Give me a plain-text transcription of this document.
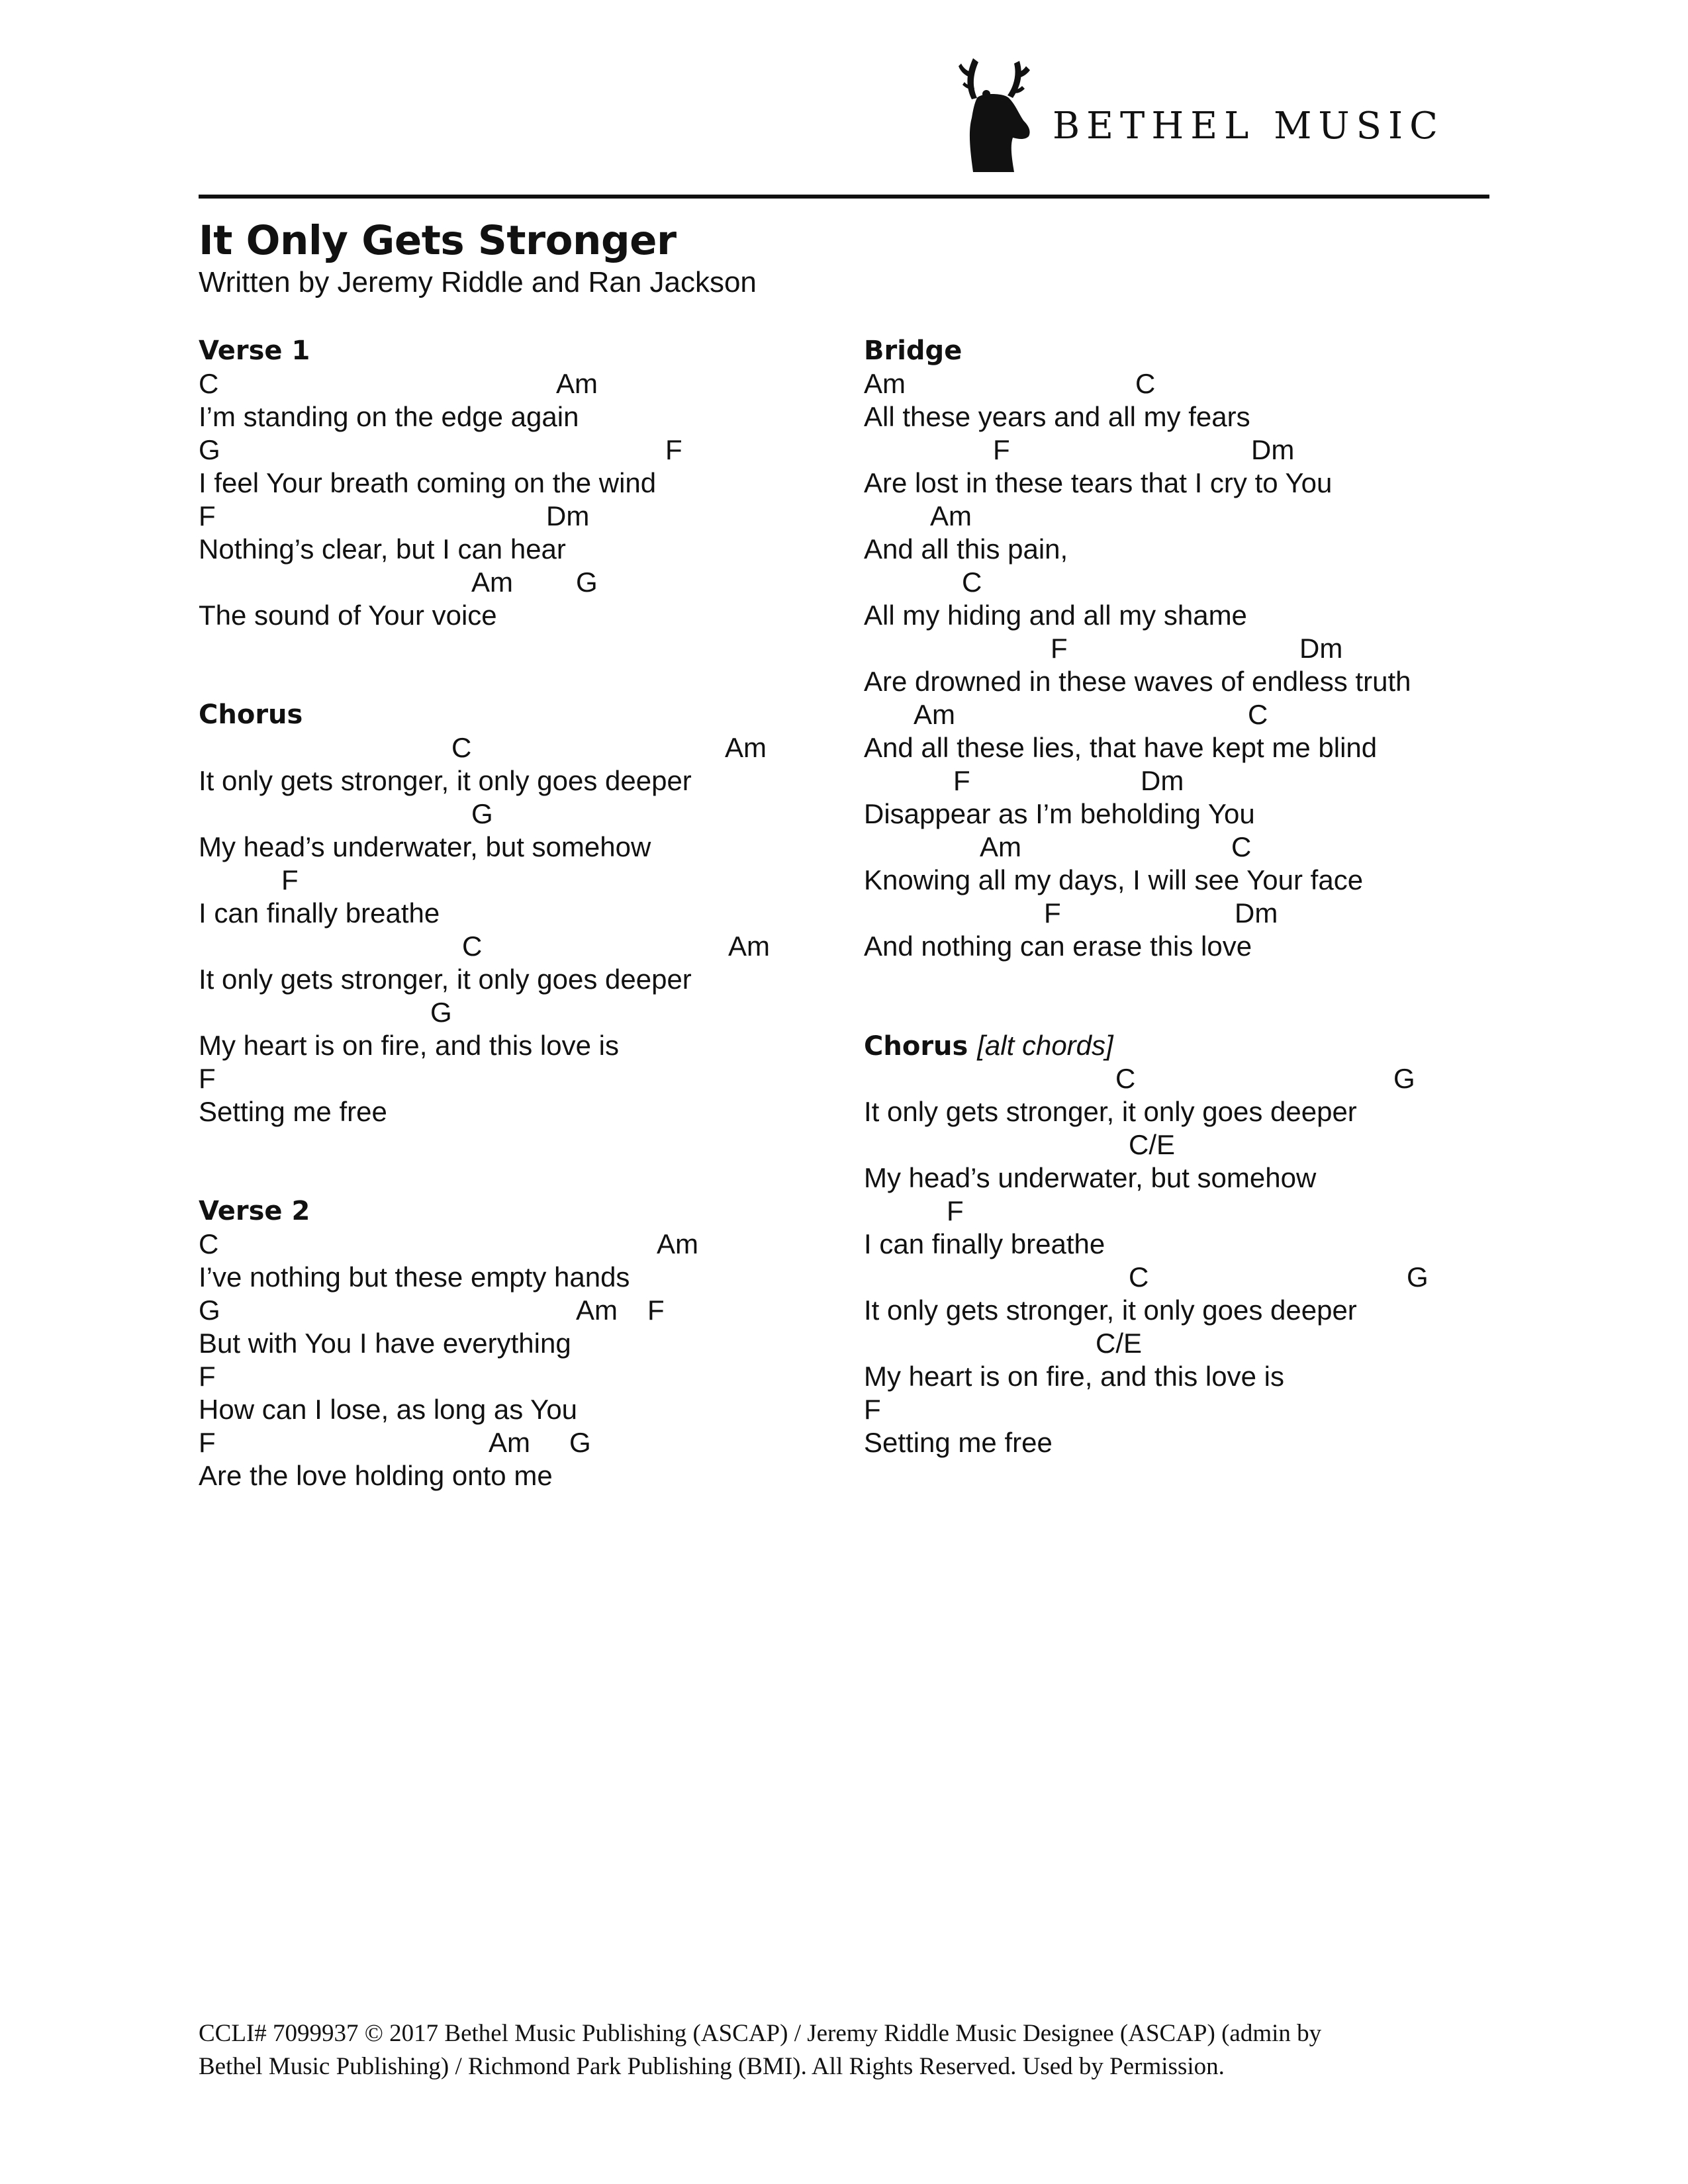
BETHEL MUSIC
It Only Gets Stronger
Written by Jeremy Riddle and Ran Jackson
Verse 1
C	Am
I’m standing on the edge again
G	F
I feel Your breath coming on the wind
F	Dm
Nothing’s clear, but I can hear
Am G
The sound of Your voice
Chorus
C	Am
It only gets stronger, it only goes deeper
G
My head’s underwater, but somehow
F
I can finally breathe
C	Am
It only gets stronger, it only goes deeper
G
My heart is on fire, and this love is
F
Setting me free
Verse 2
C	Am
I’ve nothing but these empty hands
G	Am F
But with You I have everything
F
How can I lose, as long as You
F	Am G
Are the love holding onto me
Bridge
Am	C
All these years and all my fears
F	Dm
Are lost in these tears that I cry to You
Am
And all this pain,
C
All my hiding and all my shame
F	Dm
Are drowned in these waves of endless truth
Am	C
And all these lies, that have kept me blind
F	Dm
Disappear as I’m beholding You
Am	C
Knowing all my days, I will see Your face
F	Dm
And nothing can erase this love
Chorus [alt chords]
C	G
It only gets stronger, it only goes deeper
C/E
My head’s underwater, but somehow
F
I can finally breathe
C	G
It only gets stronger, it only goes deeper
C/E
My heart is on fire, and this love is
F
Setting me free
CCLI# 7099937 © 2017 Bethel Music Publishing (ASCAP) / Jeremy Riddle Music Designee (ASCAP) (admin by Bethel Music Publishing) / Richmond Park Publishing (BMI). All Rights Reserved. Used by Permission.
